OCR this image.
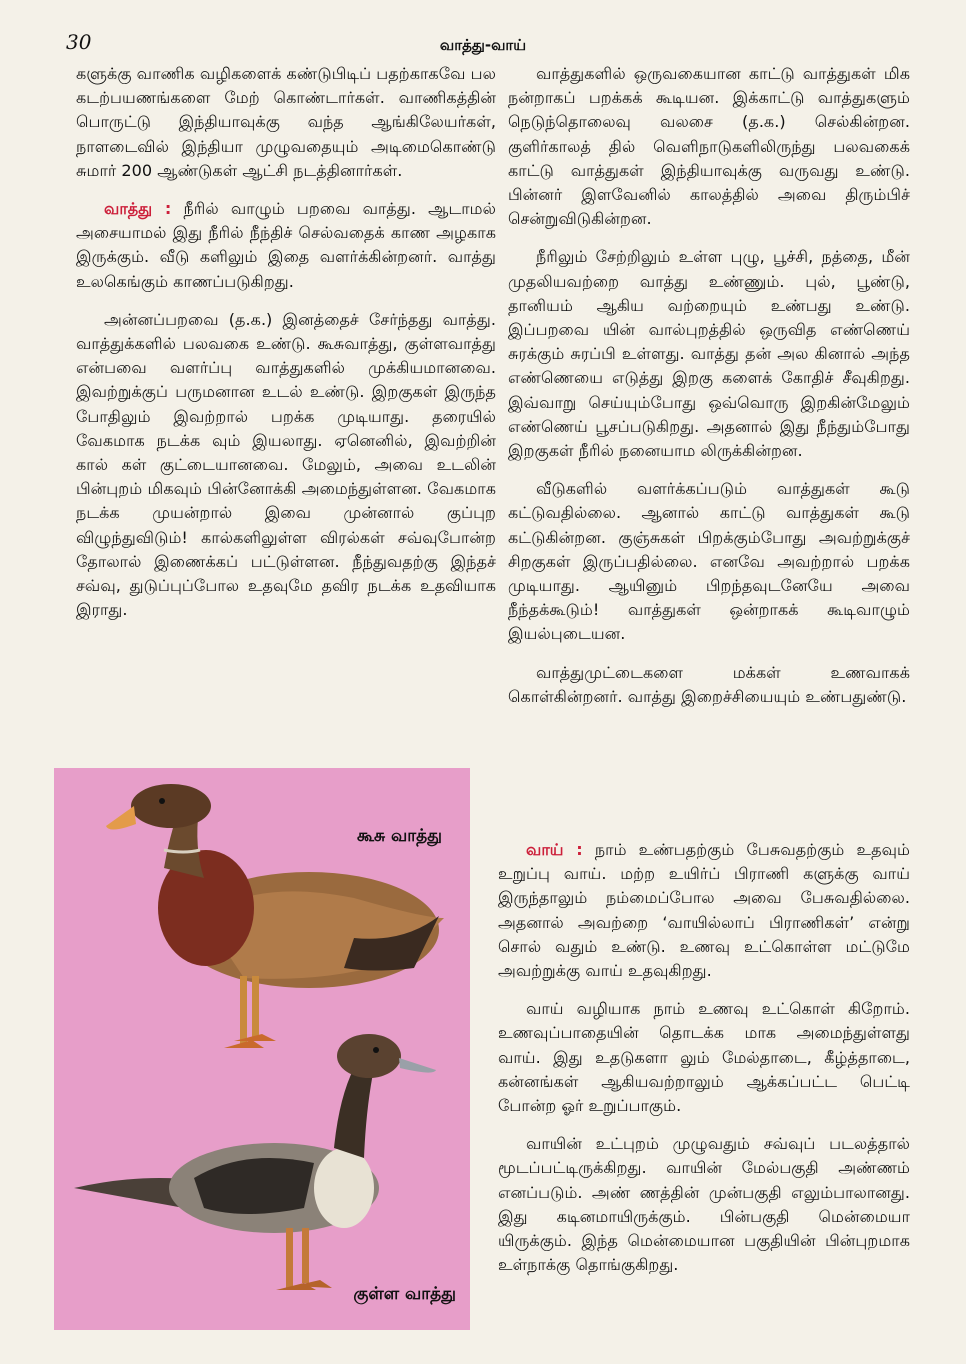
30	வாத்து-வாய்

களுக்கு வாணிக வழிகளைக் கண்டுபிடிப் பதற்காகவே பல கடற்பயணங்களை மேற் கொண்டார்கள். வாணிகத்தின் பொருட்டு இந்தியாவுக்கு வந்த ஆங்கிலேயர்கள், நாளடைவில் இந்தியா முழுவதையும் அடிமைகொண்டு சுமார் 200 ஆண்டுகள் ஆட்சி நடத்தினார்கள்.

வாத்து : நீரில் வாழும் பறவை வாத்து. ஆடாமல் அசையாமல் இது நீரில் நீந்திச் செல்வதைக் காண அழகாக இருக்கும். வீடு களிலும் இதை வளர்க்கின்றனர். வாத்து உலகெங்கும் காணப்படுகிறது.

அன்னப்பறவை (த.க.) இனத்தைச் சேர்ந்தது வாத்து. வாத்துக்களில் பலவகை உண்டு. கூசுவாத்து, குள்ளவாத்து என்பவை வளர்ப்பு வாத்துகளில் முக்கியமானவை. இவற்றுக்குப் பருமனான உடல் உண்டு. இறகுகள் இருந்த போதிலும் இவற்றால் பறக்க முடியாது. தரையில் வேகமாக நடக்க வும் இயலாது. ஏனெனில், இவற்றின் கால் கள் குட்டையானவை. மேலும், அவை உடலின் பின்புறம் மிகவும் பின்னோக்கி அமைந்துள்ளன. வேகமாக நடக்க முயன்றால் இவை முன்னால் குப்புற விழுந்துவிடும்! கால்களிலுள்ள விரல்கள் சவ்வுபோன்ற தோலால் இணைக்கப் பட்டுள்ளன. நீந்துவதற்கு இந்தச் சவ்வு, துடுப்புப்போல உதவுமே தவிர நடக்க உதவியாக இராது.

வாத்துகளில் ஒருவகையான காட்டு வாத்துகள் மிக நன்றாகப் பறக்கக் கூடியன. இக்காட்டு வாத்துகளும் நெடுந்தொலைவு வலசை (த.க.) செல்கின்றன. குளிர்காலத் தில் வெளிநாடுகளிலிருந்து பலவகைக் காட்டு வாத்துகள் இந்தியாவுக்கு வருவது உண்டு. பின்னர் இளவேனில் காலத்தில் அவை திரும்பிச் சென்றுவிடுகின்றன.

நீரிலும் சேற்றிலும் உள்ள புழு, பூச்சி, நத்தை, மீன் முதலியவற்றை வாத்து உண்ணும். புல், பூண்டு, தானியம் ஆகிய வற்றையும் உண்பது உண்டு. இப்பறவை யின் வால்புறத்தில் ஒருவித எண்ணெய் சுரக்கும் சுரப்பி உள்ளது. வாத்து தன் அல கினால் அந்த எண்ணெயை எடுத்து இறகு களைக் கோதிச் சீவுகிறது. இவ்வாறு செய்யும்போது ஒவ்வொரு இறகின்மேலும் எண்ணெய் பூசப்படுகிறது. அதனால் இது நீந்தும்போது இறகுகள் நீரில் நனையாம லிருக்கின்றன.

வீடுகளில் வளர்க்கப்படும் வாத்துகள் கூடு கட்டுவதில்லை. ஆனால் காட்டு வாத்துகள் கூடு கட்டுகின்றன. குஞ்சுகள் பிறக்கும்போது அவற்றுக்குச் சிறகுகள் இருப்பதில்லை. எனவே அவற்றால் பறக்க முடியாது. ஆயினும் பிறந்தவுடனேயே அவை நீந்தக்கூடும்! வாத்துகள் ஒன்றாகக் கூடிவாழும் இயல்புடையன.

வாத்துமுட்டைகளை மக்கள் உணவாகக் கொள்கின்றனர். வாத்து இறைச்சியையும் உண்பதுண்டு.

வாய் : நாம் உண்பதற்கும் பேசுவதற்கும் உதவும் உறுப்பு வாய். மற்ற உயிர்ப் பிராணி களுக்கு வாய் இருந்தாலும் நம்மைப்போல அவை பேசுவதில்லை. அதனால் அவற்றை ‘வாயில்லாப் பிராணிகள்’ என்று சொல் வதும் உண்டு. உணவு உட்கொள்ள மட்டுமே அவற்றுக்கு வாய் உதவுகிறது.

வாய் வழியாக நாம் உணவு உட்கொள் கிறோம். உணவுப்பாதையின் தொடக்க மாக அமைந்துள்ளது வாய். இது உதடுகளா லும் மேல்தாடை, கீழ்த்தாடை, கன்னங்கள் ஆகியவற்றாலும் ஆக்கப்பட்ட பெட்டி போன்ற ஓர் உறுப்பாகும்.

வாயின் உட்புறம் முழுவதும் சவ்வுப் படலத்தால் மூடப்பட்டிருக்கிறது. வாயின் மேல்பகுதி அண்ணம் எனப்படும். அண் ணத்தின் முன்பகுதி எலும்பாலானது. இது கடினமாயிருக்கும். பின்பகுதி மென்மையா யிருக்கும். இந்த மென்மையான பகுதியின் பின்புறமாக உள்நாக்கு தொங்குகிறது.

கூசு வாத்து
குள்ள வாத்து
